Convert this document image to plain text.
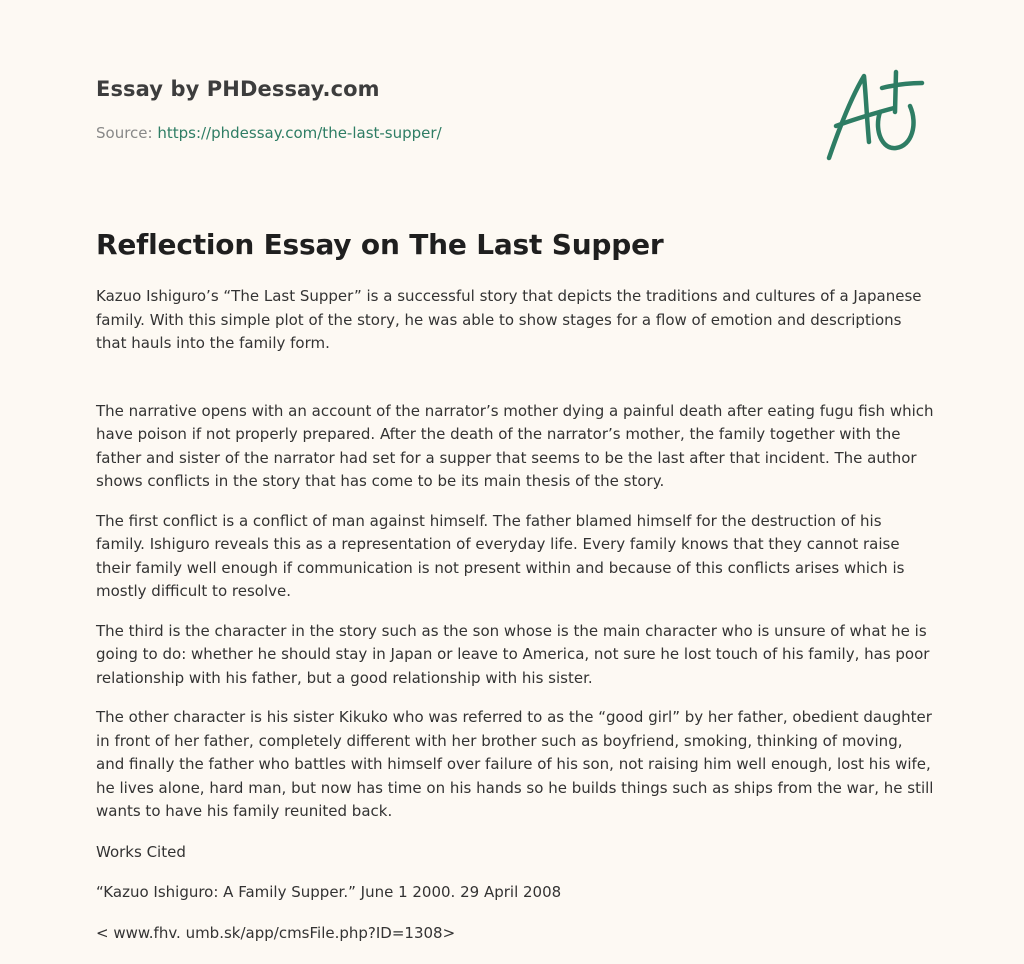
Essay by PHDessay.com
Source: https://phdessay.com/the-last-supper/
Reflection Essay on The Last Supper

Kazuo Ishiguro’s “The Last Supper” is a successful story that depicts the traditions and cultures of a Japanese family. With this simple plot of the story, he was able to show stages for a flow of emotion and descriptions that hauls into the family form.

The narrative opens with an account of the narrator’s mother dying a painful death after eating fugu fish which have poison if not properly prepared. After the death of the narrator’s mother, the family together with the father and sister of the narrator had set for a supper that seems to be the last after that incident. The author shows conflicts in the story that has come to be its main thesis of the story.

The first conflict is a conflict of man against himself. The father blamed himself for the destruction of his family. Ishiguro reveals this as a representation of everyday life. Every family knows that they cannot raise their family well enough if communication is not present within and because of this conflicts arises which is mostly difficult to resolve.

The third is the character in the story such as the son whose is the main character who is unsure of what he is going to do: whether he should stay in Japan or leave to America, not sure he lost touch of his family, has poor relationship with his father, but a good relationship with his sister.

The other character is his sister Kikuko who was referred to as the “good girl” by her father, obedient daughter in front of her father, completely different with her brother such as boyfriend, smoking, thinking of moving, and finally the father who battles with himself over failure of his son, not raising him well enough, lost his wife, he lives alone, hard man, but now has time on his hands so he builds things such as ships from the war, he still wants to have his family reunited back.

Works Cited

“Kazuo Ishiguro: A Family Supper.” June 1 2000. 29 April 2008

< www.fhv. umb.sk/app/cmsFile.php?ID=1308>
